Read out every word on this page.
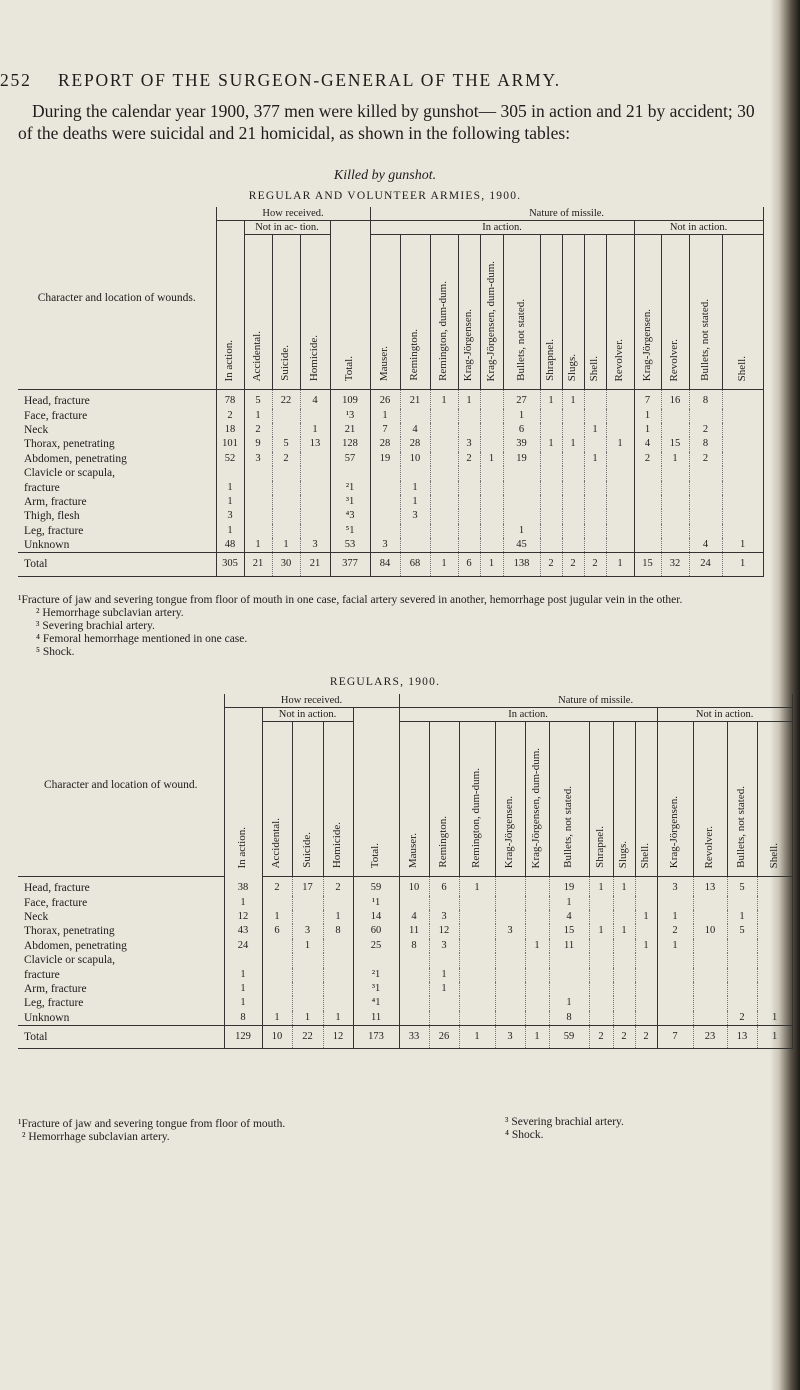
252 REPORT OF THE SURGEON-GENERAL OF THE ARMY.

During the calendar year 1900, 377 men were killed by gunshot— 305 in action and 21 by accident; 30 of the deaths were suicidal and 21 homicidal, as shown in the following tables:

Killed by gunshot.
REGULAR AND VOLUNTEER ARMIES, 1900.
Character and location of wounds.	How received.					Nature of missile.													
		Not in ac- tion.				In action.										Not in action.			

	In action.	Accidental.	Suicide.	Homicide.	Total.	Mauser.	Remington.	Remington, dum-dum.	Krag-Jörgensen.	Krag-Jörgensen, dum-dum.	Bullets, not stated.	Shrapnel.	Slugs.	Shell.	Revolver.	Krag-Jörgensen.	Revolver.	Bullets, not stated.	Shell.
Head, fracture	78	5	22	4	109	26	21	1	1		27	1	1			7	16	8	
Face, fracture	2	1			¹3	1					1					1			
Neck	18	2		1	21	7	4				6			1		1		2	
Thorax, penetrating	101	9	5	13	128	28	28		3		39	1	1		1	4	15	8	
Abdomen, penetrating	52	3	2		57	19	10		2	1	19			1		2	1	2	
Clavicle or scapula,																			
fracture	1				²1		1												
Arm, fracture	1				³1		1												
Thigh, flesh	3				⁴3		3												
Leg, fracture	1				⁵1						1								
Unknown	48	1	1	3	53	3					45							4	1
Total	305	21	30	21	377	84	68	1	6	1	138	2	2	2	1	15	32	24	1
¹Fracture of jaw and severing tongue from floor of mouth in one case, facial artery severed in another, hemorrhage post jugular vein in the other.
² Hemorrhage subclavian artery.
³ Severing brachial artery.
⁴ Femoral hemorrhage mentioned in one case.
⁵ Shock.
REGULARS, 1900.
Character and location of wound.	How received.					Nature of missile.												
	In action.	Not in action.			Total.	In action.									Not in action.			
		Accidental.	Suicide.	Homicide.		Mauser.	Remington.	Remington, dum-dum.	Krag-Jörgensen.	Krag-Jörgensen, dum-dum.	Bullets, not stated.	Shrapnel.	Slugs.	Shell.	Krag-Jörgensen.	Revolver.	Bullets, not stated.	Shell.
Head, fracture	38	2	17	2	59	10	6	1			19	1	1		3	13	5	
Face, fracture	1				¹1						1							
Neck	12	1		1	14	4	3				4			1	1		1	
Thorax, penetrating	43	6	3	8	60	11	12		3		15	1	1		2	10	5	
Abdomen, penetrating	24		1		25	8	3			1	11			1	1			
Clavicle or scapula,																		
fracture	1				²1		1											
Arm, fracture	1				³1		1											
Leg, fracture	1				⁴1						1							
Unknown	8	1	1	1	11						8						2	1
Total	129	10	22	12	173	33	26	1	3	1	59	2	2	2	7	23	13	1
¹Fracture of jaw and severing tongue from floor of mouth.
² Hemorrhage subclavian artery.
³ Severing brachial artery.
⁴ Shock.
